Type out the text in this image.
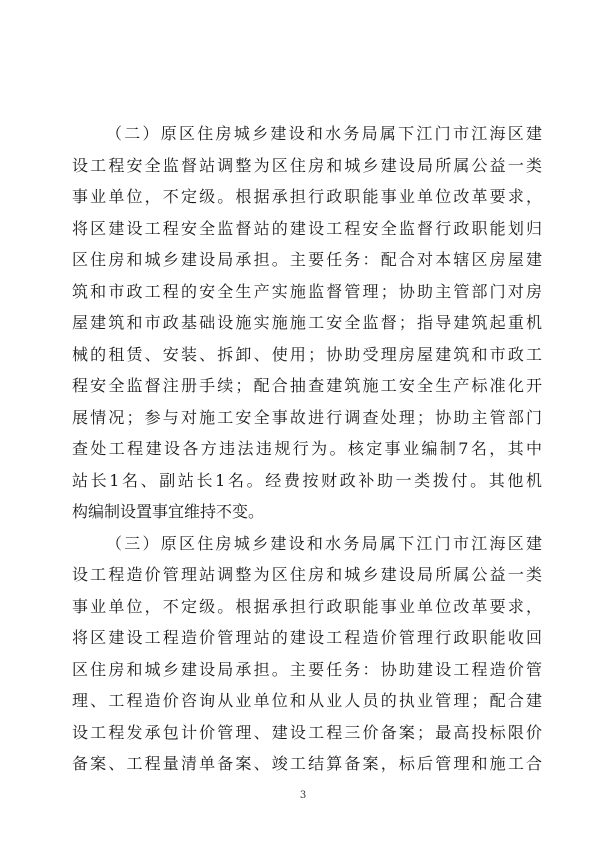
（二）原区住房城乡建设和水务局属下江门市江海区建
设工程安全监督站调整为区住房和城乡建设局所属公益一类
事业单位，不定级。根据承担行政职能事业单位改革要求，
将区建设工程安全监督站的建设工程安全监督行政职能划归
区住房和城乡建设局承担。主要任务：配合对本辖区房屋建
筑和市政工程的安全生产实施监督管理；协助主管部门对房
屋建筑和市政基础设施实施施工安全监督；指导建筑起重机
械的租赁、安装、拆卸、使用；协助受理房屋建筑和市政工
程安全监督注册手续；配合抽查建筑施工安全生产标准化开
展情况；参与对施工安全事故进行调查处理；协助主管部门
查处工程建设各方违法违规行为。核定事业编制7名，其中
站长1名、副站长1名。经费按财政补助一类拨付。其他机
构编制设置事宜维持不变。
（三）原区住房城乡建设和水务局属下江门市江海区建
设工程造价管理站调整为区住房和城乡建设局所属公益一类
事业单位，不定级。根据承担行政职能事业单位改革要求，
将区建设工程造价管理站的建设工程造价管理行政职能收回
区住房和城乡建设局承担。主要任务：协助建设工程造价管
理、工程造价咨询从业单位和从业人员的执业管理；配合建
设工程发承包计价管理、建设工程三价备案；最高投标限价
备案、工程量清单备案、竣工结算备案，标后管理和施工合
3
